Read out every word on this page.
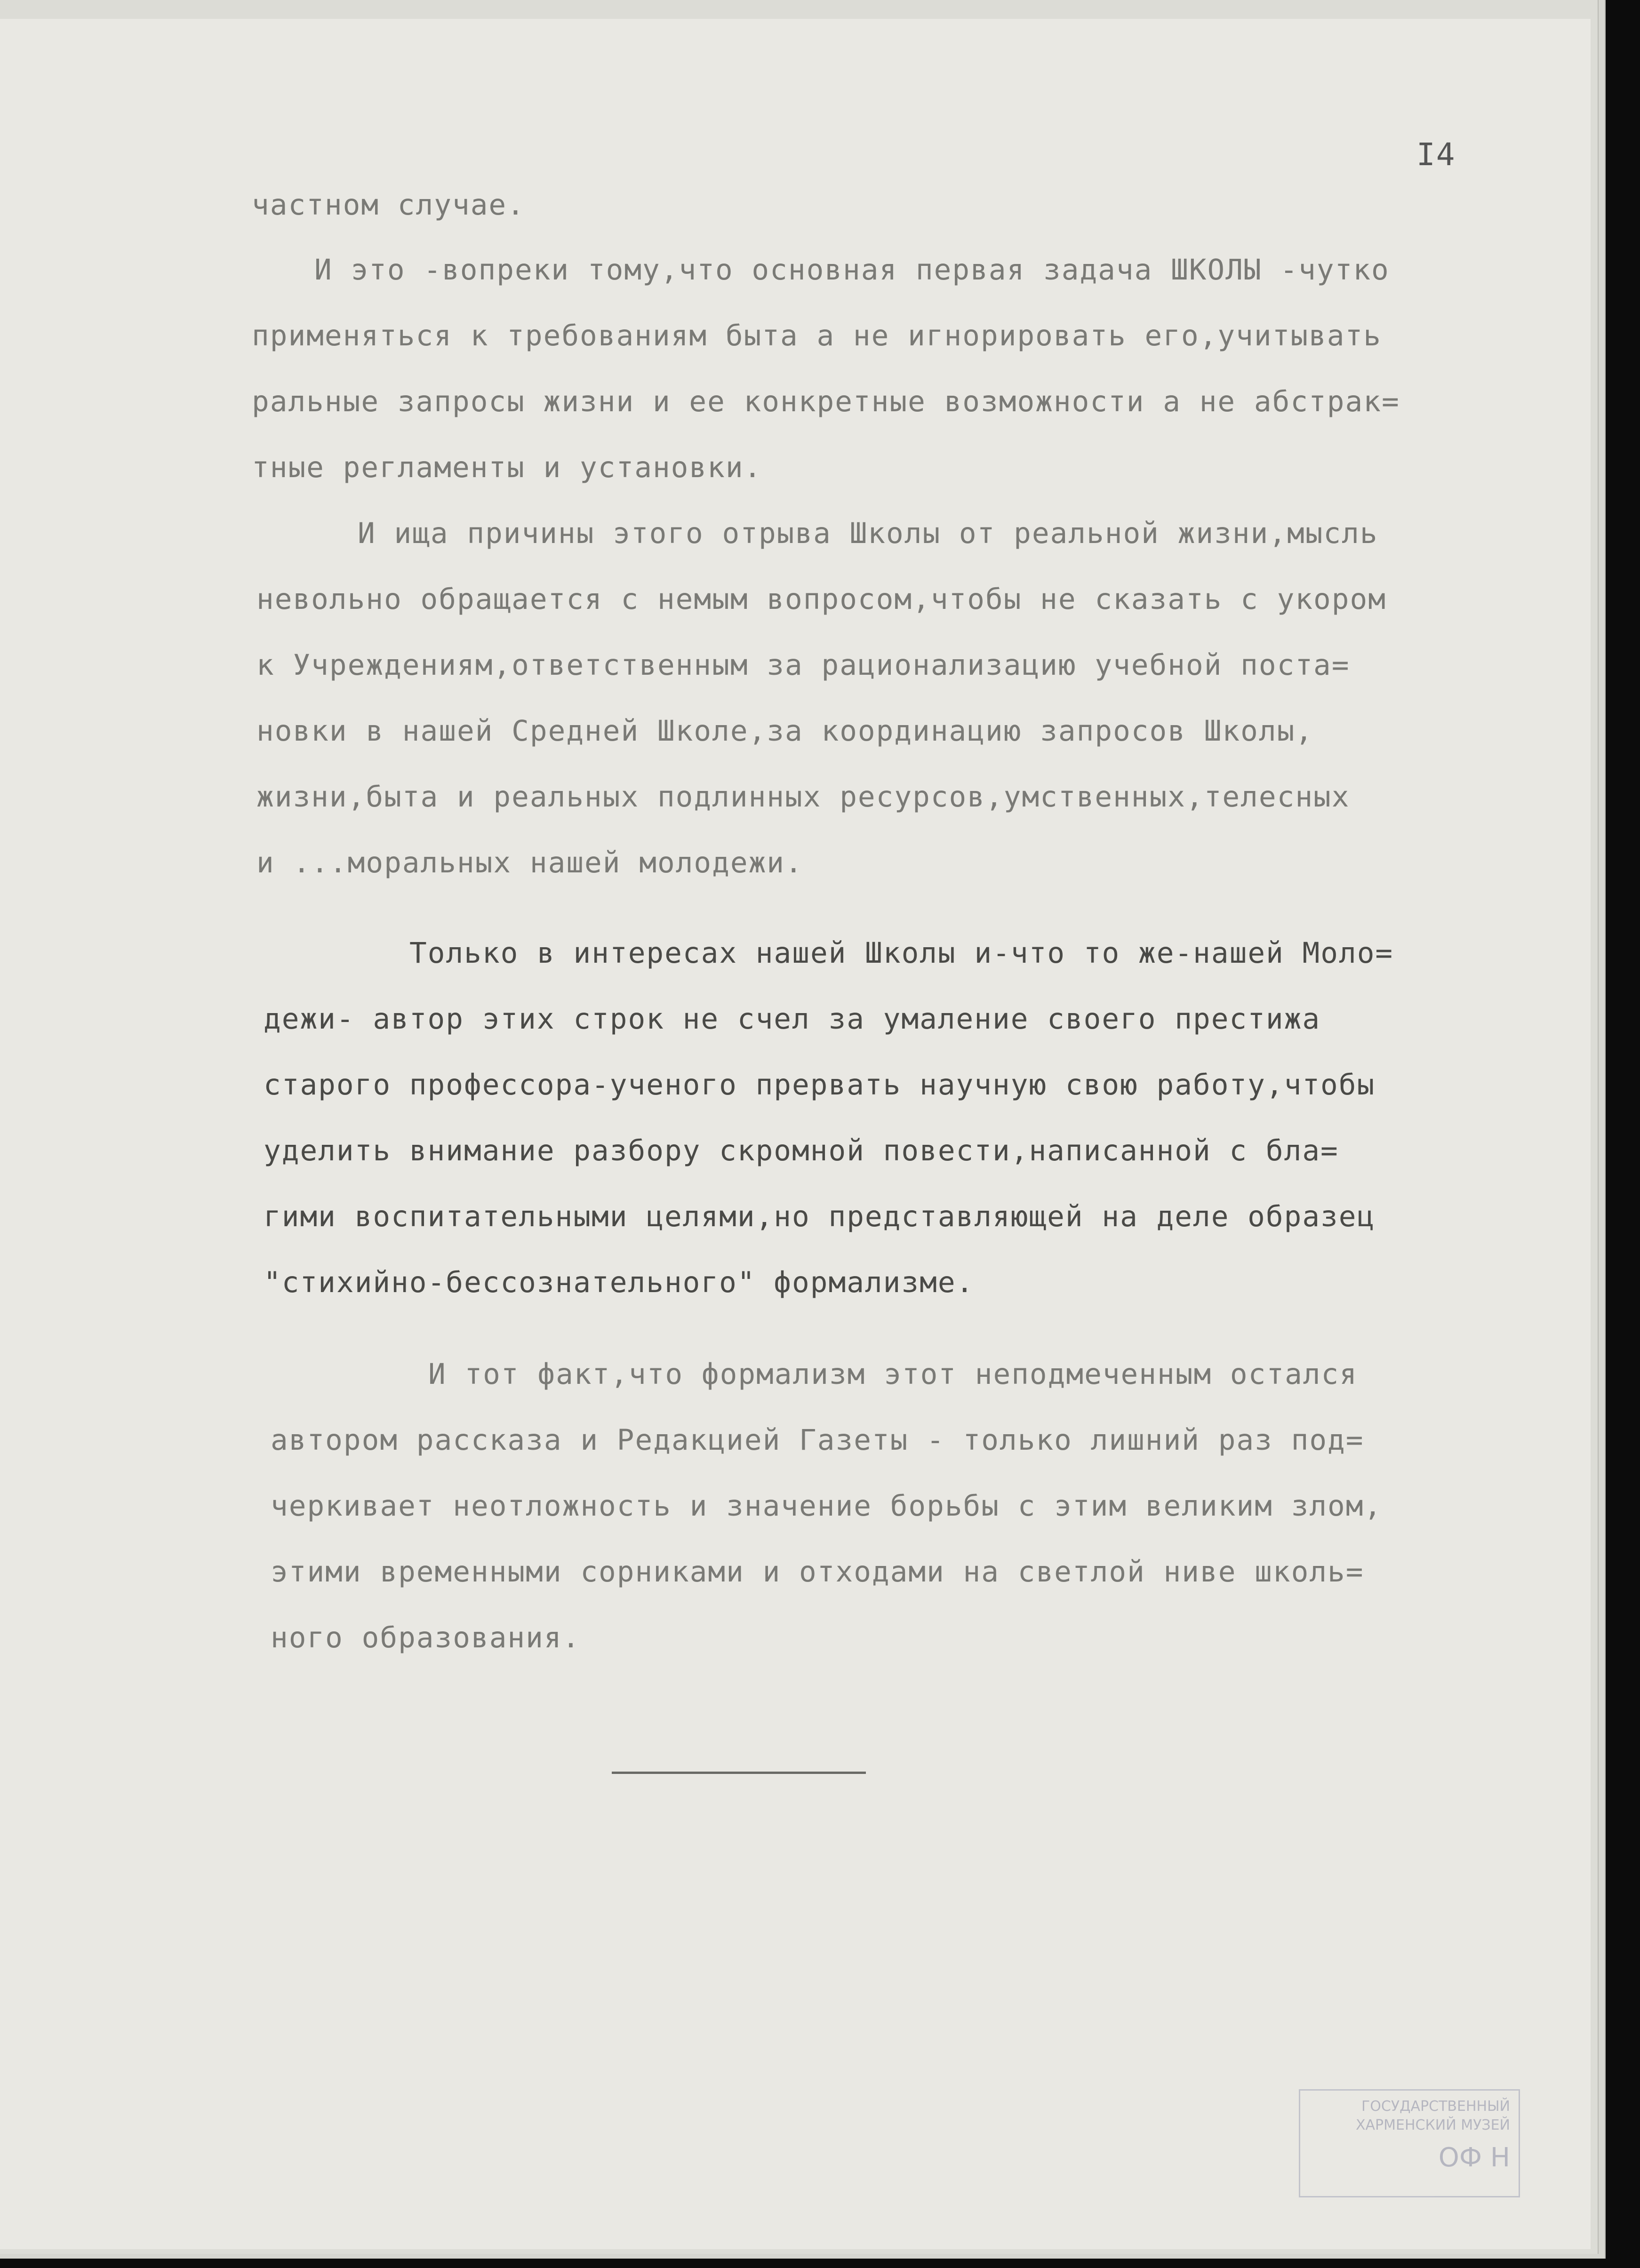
I4
частном случае.
И это -вопреки тому,что основная первая задача ШКОЛЫ -чутко
применяться к требованиям быта а не игнорировать его,учитывать
ральные запросы жизни и ее конкретные возможности а не абстрак=
тные регламенты и установки.
И ища причины этого отрыва Школы от реальной жизни,мысль
невольно обращается с немым вопросом,чтобы не сказать с укором
к Учреждениям,ответственным за рационализацию учебной поста=
новки в нашей Средней Школе,за координацию запросов Школы,
жизни,быта и реальных подлинных ресурсов,умственных,телесных
и ...моральных нашей молодежи.
Только в интересах нашей Школы и-что то же-нашей Моло=
дежи- автор этих строк не счел за умаление своего престижа
старого профессора-ученого прервать научную свою работу,чтобы
уделить внимание разбору скромной повести,написанной с бла=
гими воспитательными целями,но представляющей на деле образец
"стихийно-бессознательного" формализме.
И тот факт,что формализм этот неподмеченным остался
автором рассказа и Редакцией Газеты - только лишний раз под=
черкивает неотложность и значение борьбы с этим великим злом,
этими временными сорниками и отходами на светлой ниве школь=
ного образования.
ГОСУДАРСТВЕННЫЙ
ХАРМЕНСКИЙ МУЗЕЙ
ОФ Н
